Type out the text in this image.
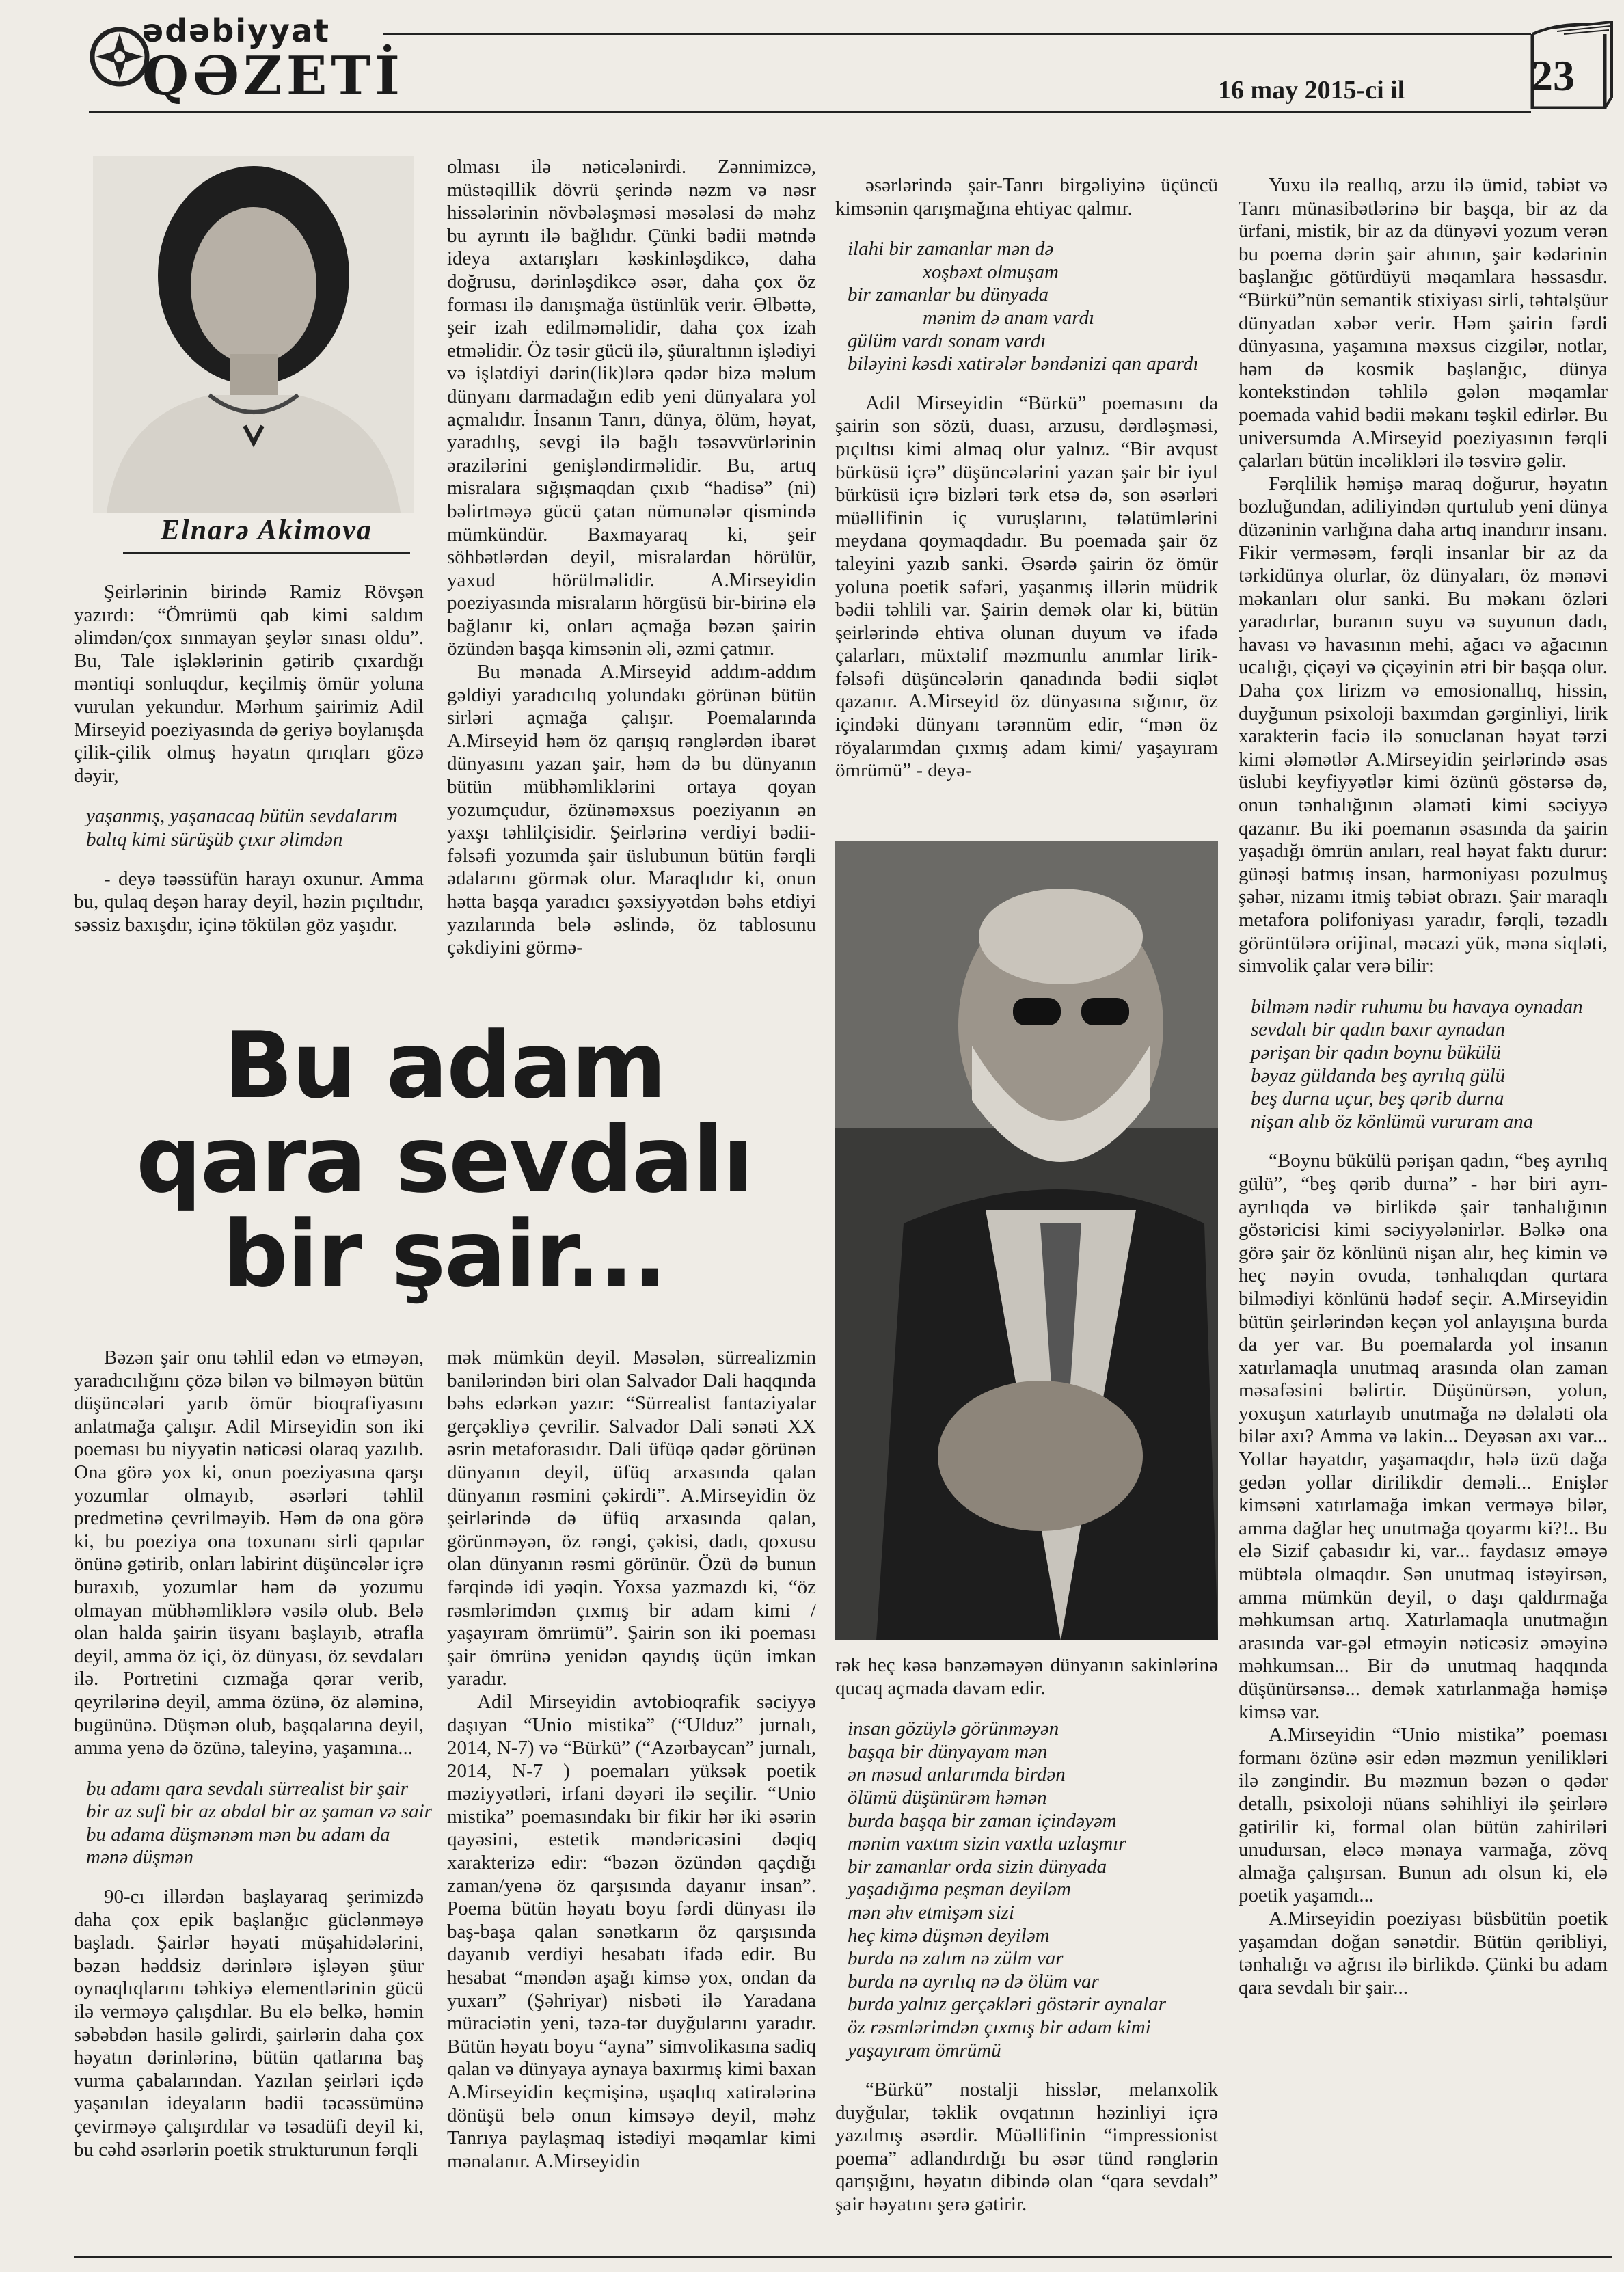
ədəbiyyat
QƏZETİ	16 may 2015-ci il	23
Elnarə Akimova

Şeirlərinin birində Ramiz Rövşən yazırdı: “Ömrümü qab kimi saldım əlimdən/çox sınmayan şeylər sınası oldu”. Bu, Tale işləklərinin gətirib çıxardığı məntiqi sonluqdur, keçilmiş ömür yoluna vurulan yekundur. Mərhum şairimiz Adil Mirseyid poeziyasında də geriyə boylanışda çilik-çilik olmuş həyatın qırıqları gözə dəyir,

yaşanmış, yaşanacaq bütün sevdalarım
balıq kimi sürüşüb çıxır əlimdən

- deyə təəssüfün harayı oxunur. Amma bu, qulaq deşən haray deyil, həzin pıçıltıdır, səssiz baxışdır, içinə tökülən göz yaşıdır.

olması ilə nəticələnirdi. Zənnimizcə, müstəqillik dövrü şerində nəzm və nəsr hissələrinin növbələşməsi məsələsi də məhz bu ayrıntı ilə bağlıdır. Çünki bədii mətndə ideya axtarışları kəskinləşdikcə, daha doğrusu, dərinləşdikcə əsər, daha çox öz forması ilə danışmağa üstünlük verir. Əlbəttə, şeir izah edilməməlidir, daha çox izah etməlidir. Öz təsir gücü ilə, şüuraltının işlədiyi və işlətdiyi dərin(lik)lərə qədər bizə məlum dünyanı darmadağın edib yeni dünyalara yol açmalıdır. İnsanın Tanrı, dünya, ölüm, həyat, yaradılış, sevgi ilə bağlı təsəvvürlərinin ərazilərini genişləndirməlidir. Bu, artıq misralara sığışmaqdan çıxıb “hadisə” (ni) bəlirtməyə gücü çatan nümunələr qismində mümkündür. Baxmayaraq ki, şeir söhbətlərdən deyil, misralardan hörülür, yaxud hörülməlidir. A.Mirseyidin poeziyasında misraların hörgüsü bir-birinə elə bağlanır ki, onları açmağa bəzən şairin özündən başqa kimsənin əli, əzmi çatmır.

Bu mənada A.Mirseyid addım-addım gəldiyi yaradıcılıq yolundakı görünən bütün sirləri açmağa çalışır. Poemalarında A.Mirseyid həm öz qarışıq rənglərdən ibarət dünyasını yazan şair, həm də bu dünyanın bütün mübhəmliklərini ortaya qoyan yozumçudur, özünəməxsus poeziyanın ən yaxşı təhlilçisidir. Şeirlərinə verdiyi bədii-fəlsəfi yozumda şair üslubunun bütün fərqli ədalarını görmək olur. Maraqlıdır ki, onun hətta başqa yaradıcı şəxsiyyətdən bəhs etdiyi yazılarında belə əslində, öz tablosunu çəkdiyini görmə-

əsərlərində şair-Tanrı birgəliyinə üçüncü kimsənin qarışmağına ehtiyac qalmır.

ilahi bir zamanlar mən də
xoşbəxt olmuşam
bir zamanlar bu dünyada
mənim də anam vardı
gülüm vardı sonam vardı
biləyini kəsdi xatirələr bəndənizi qan apardı

Adil Mirseyidin “Bürkü” poemasını da şairin son sözü, duası, arzusu, dərdləşməsi, pıçıltısı kimi almaq olur yalnız. “Bir avqust bürküsü içrə” düşüncələrini yazan şair bir iyul bürküsü içrə bizləri tərk etsə də, son əsərləri müəllifinin iç vuruşlarını, təlatümlərini meydana qoymaqdadır. Bu poemada şair öz taleyini yazıb sanki. Əsərdə şairin öz ömür yoluna poetik səfəri, yaşanmış illərin müdrik bədii təhlili var. Şairin demək olar ki, bütün şeirlərində ehtiva olunan duyum və ifadə çalarları, müxtəlif məzmunlu anımlar lirik-fəlsəfi düşüncələrin qanadında bədii siqlət qazanır. A.Mirseyid öz dünyasına sığınır, öz içindəki dünyanı tərənnüm edir, “mən öz röyalarımdan çıxmış adam kimi/ yaşayıram ömrümü” - deyə-

Yuxu ilə reallıq, arzu ilə ümid, təbiət və Tanrı münasibətlərinə bir başqa, bir az da ürfani, mistik, bir az da dünyəvi yozum verən bu poema dərin şair ahının, şair kədərinin başlanğıc götürdüyü məqamlara həssasdır. “Bürkü”nün semantik stixiyası sirli, təhtəlşüur dünyadan xəbər verir. Həm şairin fərdi dünyasına, yaşamına məxsus cizgilər, notlar, həm də kosmik başlanğıc, dünya kontekstindən təhlilə gələn məqamlar poemada vahid bədii məkanı təşkil edirlər. Bu universumda A.Mirseyid poeziyasının fərqli çalarları bütün incəlikləri ilə təsvirə gəlir.

Fərqlilik həmişə maraq doğurur, həyatın bozluğundan, adiliyindən qurtulub yeni dünya düzəninin varlığına daha artıq inandırır insanı. Fikir verməsəm, fərqli insanlar bir az da tərkidünya olurlar, öz dünyaları, öz mənəvi məkanları olur sanki. Bu məkanı özləri yaradırlar, buranın suyu və suyunun dadı, havası və havasının mehi, ağacı və ağacının ucalığı, çiçəyi və çiçəyinin ətri bir başqa olur. Daha çox lirizm və emosionallıq, hissin, duyğunun psixoloji baxımdan gərginliyi, lirik xarakterin faciə ilə sonuclanan həyat tərzi kimi ələmətlər A.Mirseyidin şeirlərində əsas üslubi keyfiyyətlər kimi özünü göstərsə də, onun tənhalığının əlaməti kimi səciyyə qazanır. Bu iki poemanın əsasında da şairin yaşadığı ömrün anıları, real həyat faktı durur: günəşi batmış insan, harmoniyası pozulmuş şəhər, nizamı itmiş təbiət obrazı. Şair maraqlı metafora polifoniyası yaradır, fərqli, təzadlı görüntülərə orijinal, məcazi yük, məna siqləti, simvolik çalar verə bilir:

bilməm nədir ruhumu bu havaya oynadan
sevdalı bir qadın baxır aynadan
pərişan bir qadın boynu bükülü
bəyaz güldanda beş ayrılıq gülü
beş durna uçur, beş qərib durna
nişan alıb öz könlümü vururam ana

“Boynu bükülü pərişan qadın, “beş ayrılıq gülü”, “beş qərib durna” - hər biri ayrı-ayrılıqda və birlikdə şair tənhalığının göstəricisi kimi səciyyələnirlər. Bəlkə ona görə şair öz könlünü nişan alır, heç kimin və heç nəyin ovuda, tənhalıqdan qurtara bilmədiyi könlünü hədəf seçir. A.Mirseyidin bütün şeirlərindən keçən yol anlayışına burda da yer var. Bu poemalarda yol insanın xatırlamaqla unutmaq arasında olan zaman məsafəsini bəlirtir. Düşünürsən, yolun, yoxuşun xatırlayıb unutmağa nə dəlaləti ola bilər axı? Amma və lakin... Deyəsən axı var... Yollar həyatdır, yaşamaqdır, hələ üzü dağa gedən yollar dirilikdir deməli... Enişlər kimsəni xatırlamağa imkan verməyə bilər, amma dağlar heç unutmağa qoyarmı ki?!.. Bu elə Sizif çabasıdır ki, var... faydasız əməyə mübtəla olmaqdır. Sən unutmaq istəyirsən, amma mümkün deyil, o daşı qaldırmağa məhkumsan artıq. Xatırlamaqla unutmağın arasında var-gəl etməyin nəticəsiz əməyinə məhkumsan... Bir də unutmaq haqqında düşünürsənsə... demək xatırlanmağa həmişə kimsə var.

A.Mirseyidin “Unio mistika” poeması formanı özünə əsir edən məzmun yenilikləri ilə zəngindir. Bu məzmun bəzən o qədər detallı, psixoloji nüans səhihliyi ilə şeirlərə gətirilir ki, formal olan bütün zahiriləri unudursan, eləcə mənaya varmağa, zövq almağa çalışırsan. Bunun adı olsun ki, elə poetik yaşamdı...

A.Mirseyidin poeziyası büsbütün poetik yaşamdan doğan sənətdir. Bütün qəribliyi, tənhalığı və ağrısı ilə birlikdə. Çünki bu adam qara sevdalı bir şair...

Bu adam
qara sevdalı
bir şair...

Bəzən şair onu təhlil edən və etməyən, yaradıcılığını çözə bilən və bilməyən bütün düşüncələri yarıb ömür bioqrafiyasını anlatmağa çalışır. Adil Mirseyidin son iki poeması bu niyyətin nəticəsi olaraq yazılıb. Ona görə yox ki, onun poeziyasına qarşı yozumlar olmayıb, əsərləri təhlil predmetinə çevrilməyib. Həm də ona görə ki, bu poeziya ona toxunanı sirli qapılar önünə gətirib, onları labirint düşüncələr içrə buraxıb, yozumlar həm də yozumu olmayan mübhəmliklərə vəsilə olub. Belə olan halda şairin üsyanı başlayıb, ətrafla deyil, amma öz içi, öz dünyası, öz sevdaları ilə. Portretini cızmağa qərar verib, qeyrilərinə deyil, amma özünə, öz aləminə, bugününə. Düşmən olub, başqalarına deyil, amma yenə də özünə, taleyinə, yaşamına...

bu adamı qara sevdalı sürrealist bir şair
bir az sufi bir az abdal bir az şaman və sair
bu adama düşmənəm mən bu adam da
mənə düşmən

90-cı illərdən başlayaraq şerimizdə daha çox epik başlanğıc güclənməyə başladı. Şairlər həyati müşahidələrini, bəzən həddsiz dərinlərə işləyən şüur oynaqlıqlarını təhkiyə elementlərinin gücü ilə verməyə çalışdılar. Bu elə belkə, həmin səbəbdən hasilə gəlirdi, şairlərin daha çox həyatın dərinlərinə, bütün qatlarına baş vurma çabalarından. Yazılan şeirləri içdə yaşanılan ideyaların bədii təcəssümünə çevirməyə çalışırdılar və təsadüfi deyil ki, bu cəhd əsərlərin poetik strukturunun fərqli

mək mümkün deyil. Məsələn, sürrealizmin banilərindən biri olan Salvador Dali haqqında bəhs edərkən yazır: “Sürrealist fantaziyalar gerçəkliyə çevrilir. Salvador Dali sənəti XX əsrin metaforasıdır. Dali üfüqə qədər görünən dünyanın deyil, üfüq arxasında qalan dünyanın rəsmini çəkirdi”. A.Mirseyidin öz şeirlərində də üfüq arxasında qalan, görünməyən, öz rəngi, çəkisi, dadı, qoxusu olan dünyanın rəsmi görünür. Özü də bunun fərqində idi yəqin. Yoxsa yazmazdı ki, “öz rəsmlərimdən çıxmış bir adam kimi / yaşayıram ömrümü”. Şairin son iki poeması şair ömrünə yenidən qayıdış üçün imkan yaradır.

Adil Mirseyidin avtobioqrafik səciyyə daşıyan “Unio mistika” (“Ulduz” jurnalı, 2014, N-7) və “Bürkü” (“Azərbaycan” jurnalı, 2014, N-7 ) poemaları yüksək poetik məziyyətləri, irfani dəyəri ilə seçilir. “Unio mistika” poemasındakı bir fikir hər iki əsərin qayəsini, estetik məndəricəsini dəqiq xarakterizə edir: “bəzən özündən qaçdığı zaman/yenə öz qarşısında dayanır insan”. Poema bütün həyatı boyu fərdi dünyası ilə baş-başa qalan sənətkarın öz qarşısında dayanıb verdiyi hesabatı ifadə edir. Bu hesabat “məndən aşağı kimsə yox, ondan da yuxarı” (Şəhriyar) nisbəti ilə Yaradana müraciətin yeni, təzə-tər duyğularını yaradır. Bütün həyatı boyu “ayna” simvolikasına sadiq qalan və dünyaya aynaya baxırmış kimi baxan A.Mirseyidin keçmişinə, uşaqlıq xatirələrinə dönüşü belə onun kimsəyə deyil, məhz Tanrıya paylaşmaq istədiyi məqamlar kimi mənalanır. A.Mirseyidin

rək heç kəsə bənzəməyən dünyanın sakinlərinə qucaq açmada davam edir.

insan gözüylə görünməyən
başqa bir dünyayam mən
ən məsud anlarımda birdən
ölümü düşünürəm həmən
burda başqa bir zaman içindəyəm
mənim vaxtım sizin vaxtla uzlaşmır
bir zamanlar orda sizin dünyada
yaşadığıma peşman deyiləm
mən əhv etmişəm sizi
heç kimə düşmən deyiləm
burda nə zalım nə zülm var
burda nə ayrılıq nə də ölüm var
burda yalnız gerçəkləri göstərir aynalar
öz rəsmlərimdən çıxmış bir adam kimi
yaşayıram ömrümü

“Bürkü” nostalji hisslər, melanxolik duyğular, təklik ovqatının həzinliyi içrə yazılmış əsərdir. Müəllifinin “impressionist poema” adlandırdığı bu əsər tünd rənglərin qarışığını, həyatın dibində olan “qara sevdalı” şair həyatını şerə gətirir.
